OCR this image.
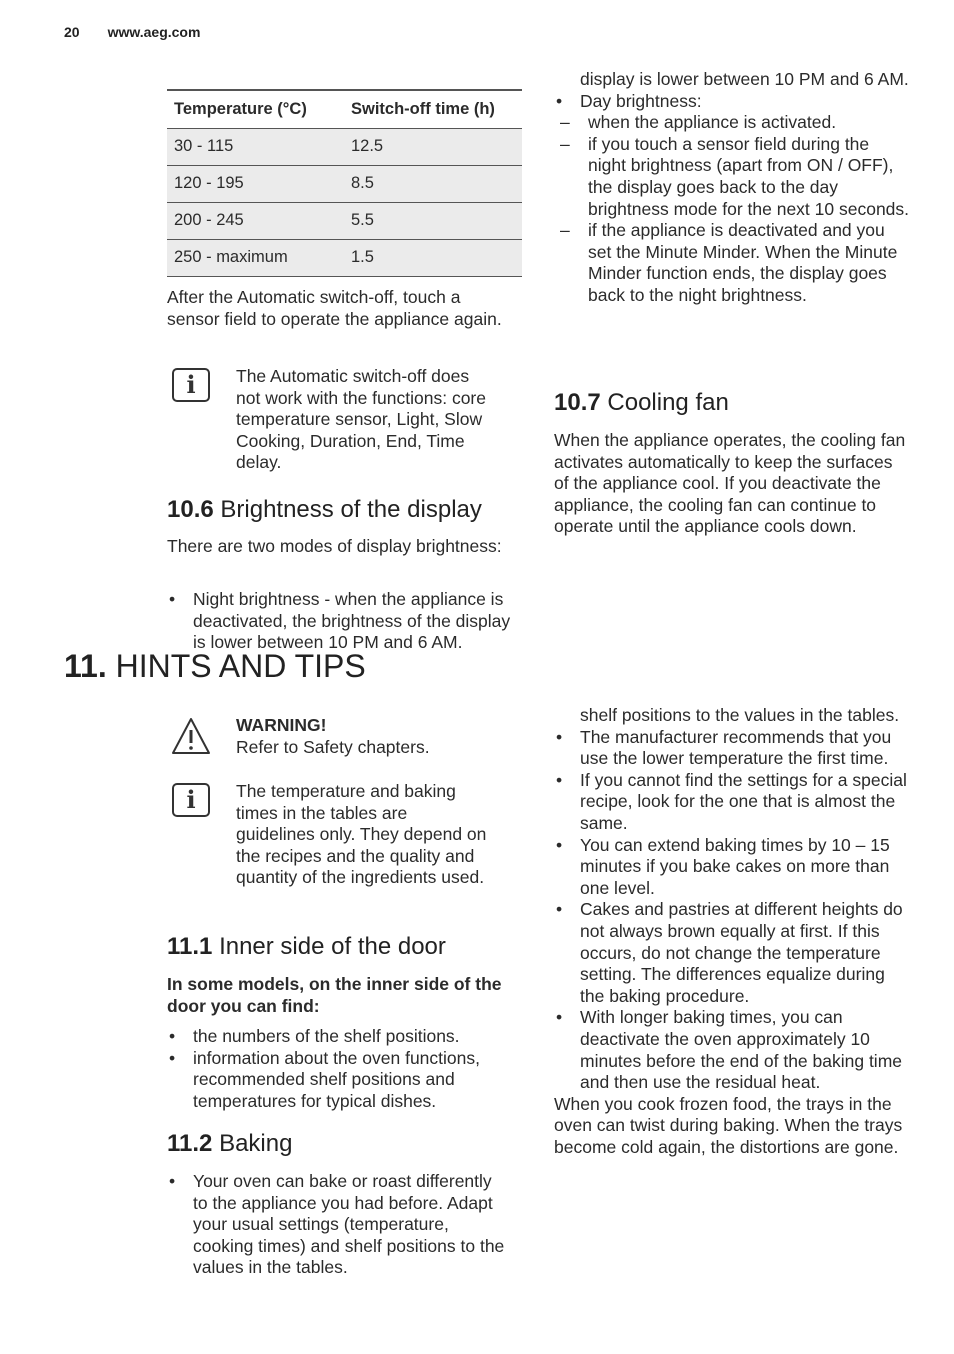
20 www.aeg.com
Temperature (°C)	Switch-off time (h)
30 - 115	12.5
120 - 195	8.5
200 - 245	5.5
250 - maximum	1.5

After the Automatic switch-off, touch a sensor field to operate the appliance again.

i	The Automatic switch-off does not work with the functions: core temperature sensor, Light, Slow Cooking, Duration, End, Time delay.

10.6 Brightness of the display

There are two modes of display brightness:

• Night brightness - when the appliance is deactivated, the brightness of the display is lower between 10 PM and 6 AM.

display is lower between 10 PM and 6 AM.

• Day brightness:
– when the appliance is activated.
– if you touch a sensor field during the night brightness (apart from ON / OFF), the display goes back to the day brightness mode for the next 10 seconds.
– if the appliance is deactivated and you set the Minute Minder. When the Minute Minder function ends, the display goes back to the night brightness.
10.7 Cooling fan

When the appliance operates, the cooling fan activates automatically to keep the surfaces of the appliance cool. If you deactivate the appliance, the cooling fan can continue to operate until the appliance cools down.

11. HINTS AND TIPS

WARNING!

Refer to Safety chapters.

i	The temperature and baking times in the tables are guidelines only. They depend on the recipes and the quality and quantity of the ingredients used.

11.1 Inner side of the door

In some models, on the inner side of the door you can find:

• the numbers of the shelf positions.
• information about the oven functions, recommended shelf positions and temperatures for typical dishes.
11.2 Baking
• Your oven can bake or roast differently to the appliance you had before. Adapt your usual settings (temperature, cooking times) and shelf positions to the values in the tables.

shelf positions to the values in the tables.

• The manufacturer recommends that you use the lower temperature the first time.
• If you cannot find the settings for a special recipe, look for the one that is almost the same.
• You can extend baking times by 10 – 15 minutes if you bake cakes on more than one level.
• Cakes and pastries at different heights do not always brown equally at first. If this occurs, do not change the temperature setting. The differences equalize during the baking procedure.
• With longer baking times, you can deactivate the oven approximately 10 minutes before the end of the baking time and then use the residual heat.

When you cook frozen food, the trays in the oven can twist during baking. When the trays become cold again, the distortions are gone.
